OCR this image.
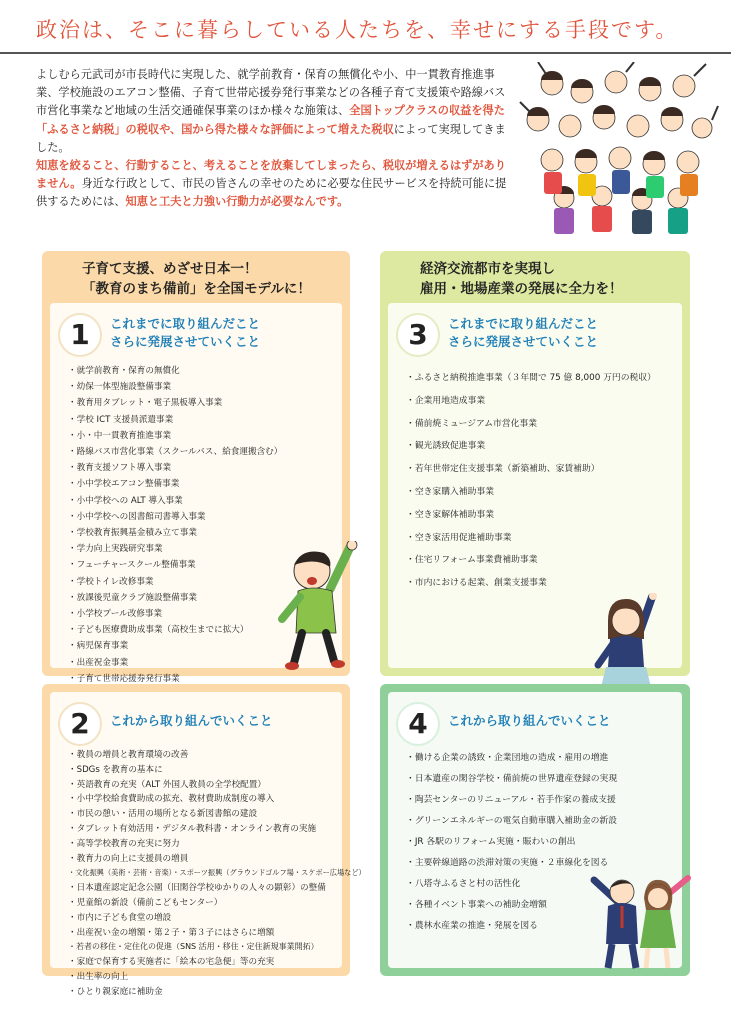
政治は、そこに暮らしている人たちを、幸せにする手段です。
よしむら元武司が市長時代に実現した、就学前教育・保育の無償化や小、中一貫教育推進事業、学校施設のエアコン整備、子育て世帯応援券発行事業などの各種子育て支援策や路線バス市営化事業など地域の生活交通確保事業のほか様々な施策は、全国トップクラスの収益を得た「ふるさと納税」の税収や、国から得た様々な評価によって増えた税収によって実現してきました。
知恵を絞ること、行動すること、考えることを放棄してしまったら、税収が増えるはずがありません。身近な行政として、市民の皆さんの幸せのために必要な住民サービスを持続可能に提供するためには、知恵と工夫と力強い行動力が必要なんです。
子育て支援、めざせ日本一！
「教育のまち備前」を全国モデルに！
1	これまでに取り組んだこと
さらに発展させていくこと
・ 就学前教育・保育の無償化
・ 幼保一体型施設整備事業
・ 教育用タブレット・電子黒板導入事業
・ 学校 ICT 支援員派遣事業
・ 小・中一貫教育推進事業
・ 路線バス市営化事業（スクールバス、給食運搬含む）
・ 教育支援ソフト導入事業
・ 小中学校エアコン整備事業
・ 小中学校への ALT 導入事業
・ 小中学校への図書館司書導入事業
・ 学校教育振興基金積み立て事業
・ 学力向上実践研究事業
・ フューチャースクール整備事業
・ 学校トイレ改修事業
・ 放課後児童クラブ施設整備事業
・ 小学校プール改修事業
・ 子ども医療費助成事業（高校生までに拡大）
・ 病児保育事業
・ 出産祝金事業
・ 子育て世帯応援券発行事業
・
経済交流都市を実現し
雇用・地場産業の発展に全力を！
3	これまでに取り組んだこと
さらに発展させていくこと
・ ふるさと納税推進事業（３年間で 75 億 8,000 万円の税収）
・ 企業用地造成事業
・ 備前焼ミュージアム市営化事業
・ 観光誘致促進事業
・ 若年世帯定住支援事業（新築補助、家賃補助）
・ 空き家購入補助事業
・ 空き家解体補助事業
・ 空き家活用促進補助事業
・ 住宅リフォーム事業費補助事業
・ 市内における起業、創業支援事業
2	これから取り組んでいくこと
・ 教員の増員と教育環境の改善
・ SDGs を教育の基本に
・ 英語教育の充実（ALT 外国人教員の全学校配置）
・ 小中学校給食費助成の拡充、教材費助成制度の導入
・ 市民の憩い・活用の場所となる新図書館の建設
・ タブレット有効活用・デジタル教科書・オンライン教育の実施
・ 高等学校教育の充実に努力
・ 教育力の向上に支援員の増員
・ 文化振興（美術・芸術・音楽）・スポーツ振興（グラウンドゴルフ場・スケボー広場など）
・ 日本遺産認定記念公園（旧閑谷学校ゆかりの人々の顕彰）の整備
・ 児童館の新設（備前こどもセンター）
・ 市内に子ども食堂の増設
・ 出産祝い金の増額・第２子・第３子にはさらに増額
・ 若者の移住・定住化の促進（SNS 活用・移住・定住新規事業開拓）
・ 家庭で保育する実施者に「絵本の宅急便」等の充実
・ 出生率の向上
・ ひとり親家庭に補助金
4	これから取り組んでいくこと
・ 働ける企業の誘致・企業団地の造成・雇用の増進
・ 日本遺産の閑谷学校・備前焼の世界遺産登録の実現
・ 陶芸センターのリニューアル・若手作家の養成支援
・ グリーンエネルギーの電気自動車購入補助金の新設
・ JR 各駅のリフォーム実施・賑わいの創出
・ 主要幹線道路の渋滞対策の実施・２車線化を図る
・ 八塔寺ふるさと村の活性化
・ 各種イベント事業への補助金増額
・ 農林水産業の推進・発展を図る
